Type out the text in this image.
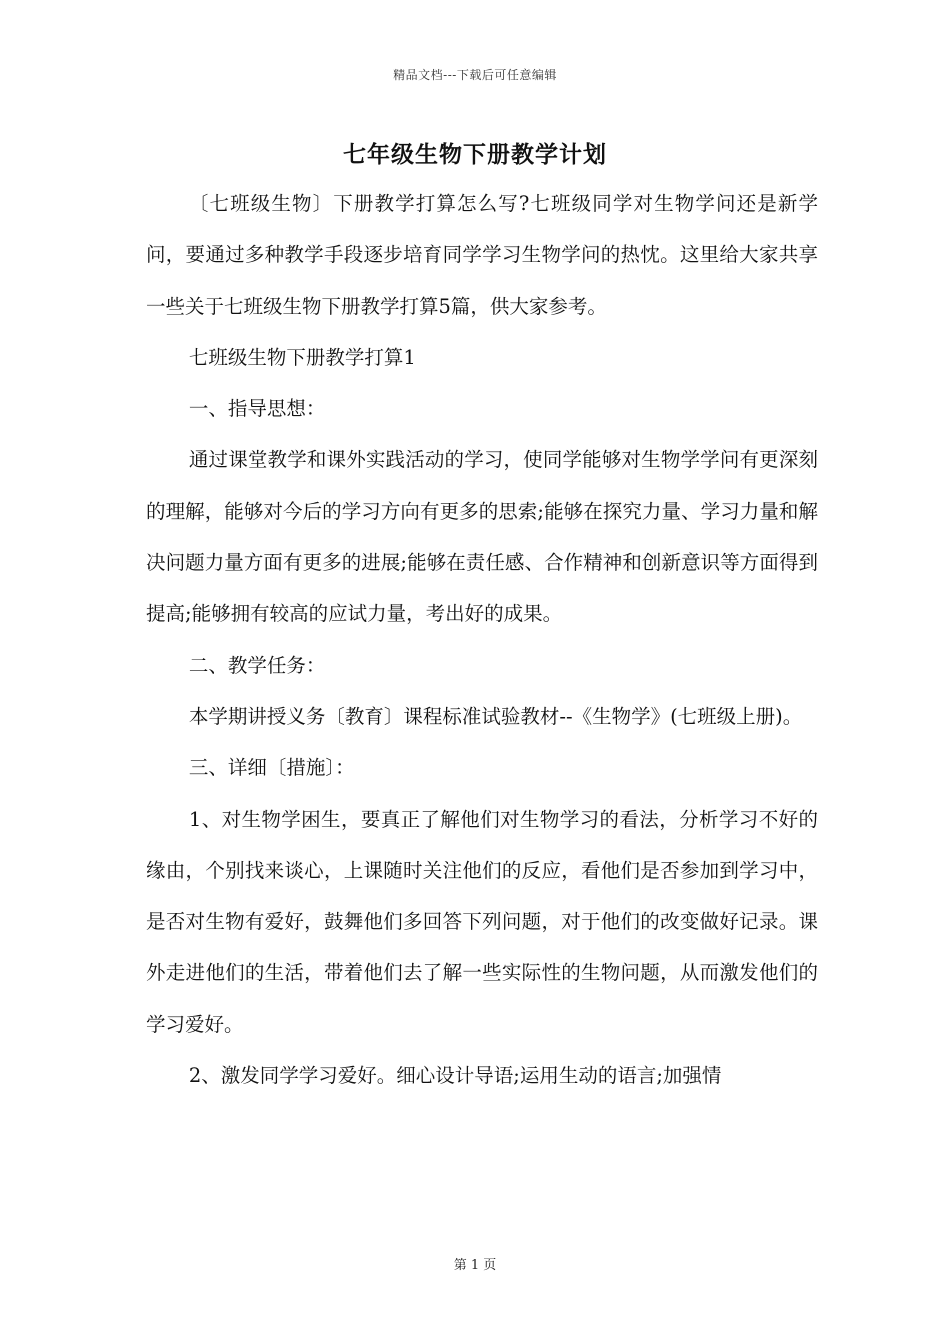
精品文档---下载后可任意编辑
七年级生物下册教学计划

〔七班级生物〕下册教学打算怎么写?七班级同学对生物学问还是新学问，要通过多种教学手段逐步培育同学学习生物学问的热忱。这里给大家共享一些关于七班级生物下册教学打算5篇，供大家参考。

七班级生物下册教学打算1

一、指导思想：

通过课堂教学和课外实践活动的学习，使同学能够对生物学学问有更深刻的理解，能够对今后的学习方向有更多的思索;能够在探究力量、学习力量和解决问题力量方面有更多的进展;能够在责任感、合作精神和创新意识等方面得到提高;能够拥有较高的应试力量，考出好的成果。

二、教学任务：

本学期讲授义务〔教育〕课程标准试验教材--《生物学》(七班级上册)。

三、详细〔措施〕：

1、对生物学困生，要真正了解他们对生物学习的看法，分析学习不好的缘由，个别找来谈心，上课随时关注他们的反应，看他们是否参加到学习中，是否对生物有爱好，鼓舞他们多回答下列问题，对于他们的改变做好记录。课外走进他们的生活，带着他们去了解一些实际性的生物问题，从而激发他们的学习爱好。

2、激发同学学习爱好。细心设计导语;运用生动的语言;加强情

第 1 页
